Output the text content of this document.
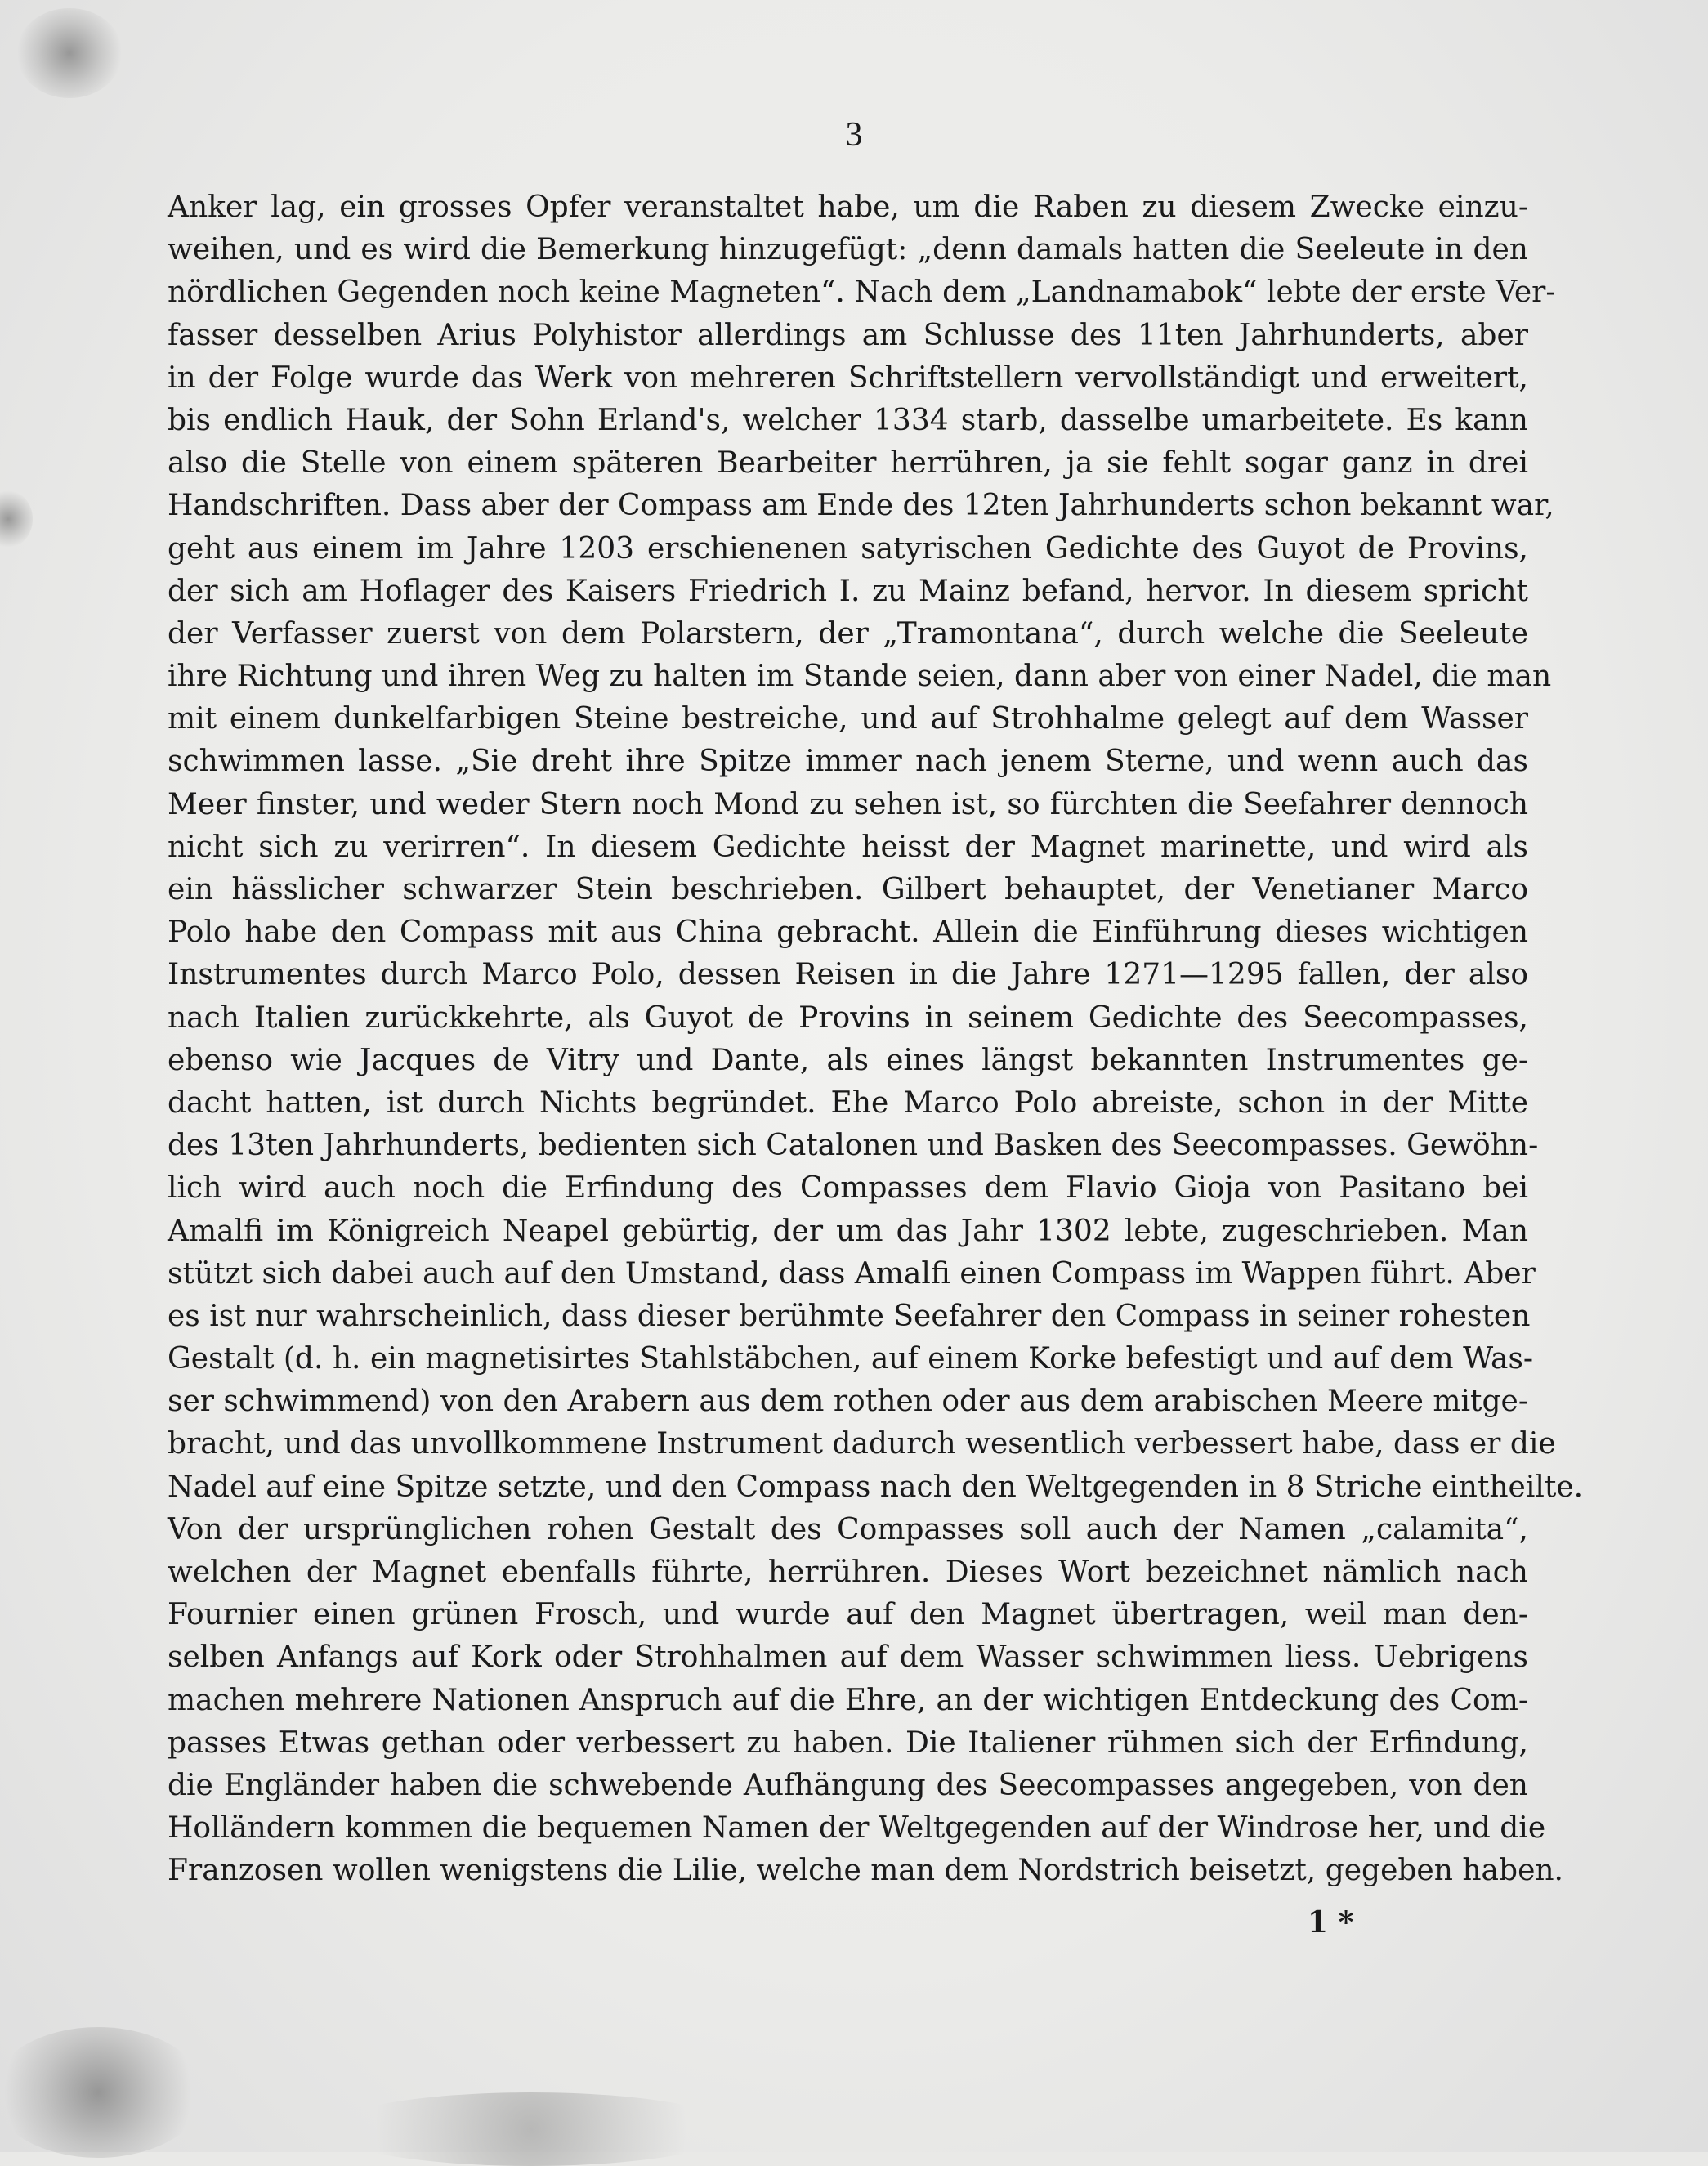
3
Anker lag, ein grosses Opfer veranstaltet habe, um die Raben zu diesem Zwecke einzu-
weihen, und es wird die Bemerkung hinzugefügt: „denn damals hatten die Seeleute in den
nördlichen Gegenden noch keine Magneten“. Nach dem „Landnamabok“ lebte der erste Ver-
fasser desselben Arius Polyhistor allerdings am Schlusse des 11ten Jahrhunderts, aber
in der Folge wurde das Werk von mehreren Schriftstellern vervollständigt und erweitert,
bis endlich Hauk, der Sohn Erland's, welcher 1334 starb, dasselbe umarbeitete. Es kann
also die Stelle von einem späteren Bearbeiter herrühren, ja sie fehlt sogar ganz in drei
Handschriften. Dass aber der Compass am Ende des 12ten Jahrhunderts schon bekannt war,
geht aus einem im Jahre 1203 erschienenen satyrischen Gedichte des Guyot de Provins,
der sich am Hoflager des Kaisers Friedrich I. zu Mainz befand, hervor. In diesem spricht
der Verfasser zuerst von dem Polarstern, der „Tramontana“, durch welche die Seeleute
ihre Richtung und ihren Weg zu halten im Stande seien, dann aber von einer Nadel, die man
mit einem dunkelfarbigen Steine bestreiche, und auf Strohhalme gelegt auf dem Wasser
schwimmen lasse. „Sie dreht ihre Spitze immer nach jenem Sterne, und wenn auch das
Meer finster, und weder Stern noch Mond zu sehen ist, so fürchten die Seefahrer dennoch
nicht sich zu verirren“. In diesem Gedichte heisst der Magnet marinette, und wird als
ein hässlicher schwarzer Stein beschrieben. Gilbert behauptet, der Venetianer Marco
Polo habe den Compass mit aus China gebracht. Allein die Einführung dieses wichtigen
Instrumentes durch Marco Polo, dessen Reisen in die Jahre 1271—1295 fallen, der also
nach Italien zurückkehrte, als Guyot de Provins in seinem Gedichte des Seecompasses,
ebenso wie Jacques de Vitry und Dante, als eines längst bekannten Instrumentes ge-
dacht hatten, ist durch Nichts begründet. Ehe Marco Polo abreiste, schon in der Mitte
des 13ten Jahrhunderts, bedienten sich Catalonen und Basken des Seecompasses. Gewöhn-
lich wird auch noch die Erfindung des Compasses dem Flavio Gioja von Pasitano bei
Amalfi im Königreich Neapel gebürtig, der um das Jahr 1302 lebte, zugeschrieben. Man
stützt sich dabei auch auf den Umstand, dass Amalfi einen Compass im Wappen führt. Aber
es ist nur wahrscheinlich, dass dieser berühmte Seefahrer den Compass in seiner rohesten
Gestalt (d. h. ein magnetisirtes Stahlstäbchen, auf einem Korke befestigt und auf dem Was-
ser schwimmend) von den Arabern aus dem rothen oder aus dem arabischen Meere mitge-
bracht, und das unvollkommene Instrument dadurch wesentlich verbessert habe, dass er die
Nadel auf eine Spitze setzte, und den Compass nach den Weltgegenden in 8 Striche eintheilte.
Von der ursprünglichen rohen Gestalt des Compasses soll auch der Namen „calamita“,
welchen der Magnet ebenfalls führte, herrühren. Dieses Wort bezeichnet nämlich nach
Fournier einen grünen Frosch, und wurde auf den Magnet übertragen, weil man den-
selben Anfangs auf Kork oder Strohhalmen auf dem Wasser schwimmen liess. Uebrigens
machen mehrere Nationen Anspruch auf die Ehre, an der wichtigen Entdeckung des Com-
passes Etwas gethan oder verbessert zu haben. Die Italiener rühmen sich der Erfindung,
die Engländer haben die schwebende Aufhängung des Seecompasses angegeben, von den
Holländern kommen die bequemen Namen der Weltgegenden auf der Windrose her, und die
Franzosen wollen wenigstens die Lilie, welche man dem Nordstrich beisetzt, gegeben haben.
1 *
